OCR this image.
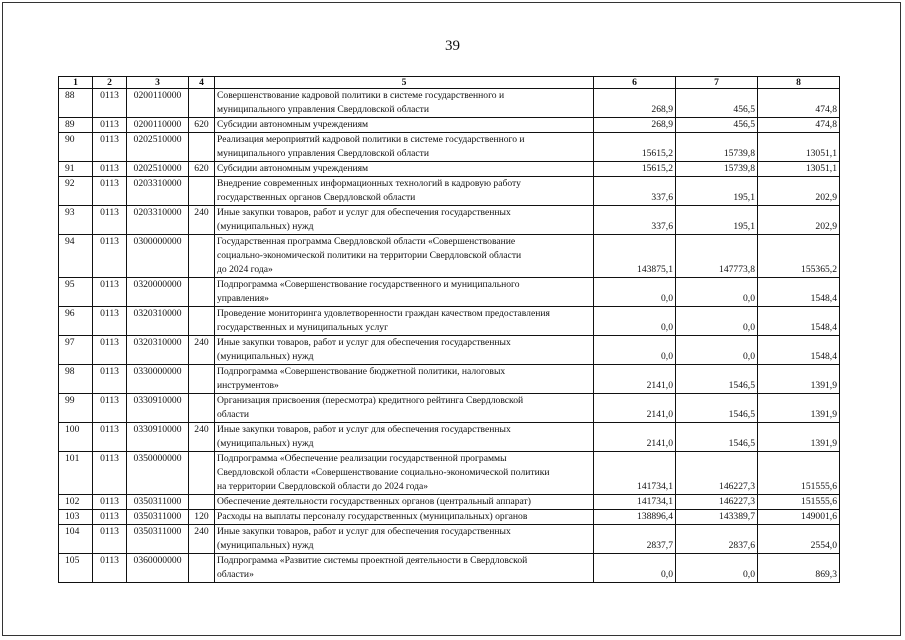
39
1	2	3	4	5	6	7	8
88	0113	0200110000		Совершенствование кадровой политики в системе государственного и
муниципального управления Свердловской области	268,9	456,5	474,8
89	0113	0200110000	620	Субсидии автономным учреждениям	268,9	456,5	474,8
90	0113	0202510000		Реализация мероприятий кадровой политики в системе государственного и
муниципального управления Свердловской области	15615,2	15739,8	13051,1
91	0113	0202510000	620	Субсидии автономным учреждениям	15615,2	15739,8	13051,1
92	0113	0203310000		Внедрение современных информационных технологий в кадровую работу
государственных органов Свердловской области	337,6	195,1	202,9
93	0113	0203310000	240	Иные закупки товаров, работ и услуг для обеспечения государственных
(муниципальных) нужд	337,6	195,1	202,9
94	0113	0300000000		Государственная программа Свердловской области «Совершенствование
социально-экономической политики на территории Свердловской области
до 2024 года»	143875,1	147773,8	155365,2
95	0113	0320000000		Подпрограмма «Совершенствование государственного и муниципального
управления»	0,0	0,0	1548,4
96	0113	0320310000		Проведение мониторинга удовлетворенности граждан качеством предоставления
государственных и муниципальных услуг	0,0	0,0	1548,4
97	0113	0320310000	240	Иные закупки товаров, работ и услуг для обеспечения государственных
(муниципальных) нужд	0,0	0,0	1548,4
98	0113	0330000000		Подпрограмма «Совершенствование бюджетной политики, налоговых
инструментов»	2141,0	1546,5	1391,9
99	0113	0330910000		Организация присвоения (пересмотра) кредитного рейтинга Свердловской
области	2141,0	1546,5	1391,9
100	0113	0330910000	240	Иные закупки товаров, работ и услуг для обеспечения государственных
(муниципальных) нужд	2141,0	1546,5	1391,9
101	0113	0350000000		Подпрограмма «Обеспечение реализации государственной программы
Свердловской области «Совершенствование социально-экономической политики
на территории Свердловской области до 2024 года»	141734,1	146227,3	151555,6
102	0113	0350311000		Обеспечение деятельности государственных органов (центральный аппарат)	141734,1	146227,3	151555,6
103	0113	0350311000	120	Расходы на выплаты персоналу государственных (муниципальных) органов	138896,4	143389,7	149001,6
104	0113	0350311000	240	Иные закупки товаров, работ и услуг для обеспечения государственных
(муниципальных) нужд	2837,7	2837,6	2554,0
105	0113	0360000000		Подпрограмма «Развитие системы проектной деятельности в Свердловской
области»	0,0	0,0	869,3
